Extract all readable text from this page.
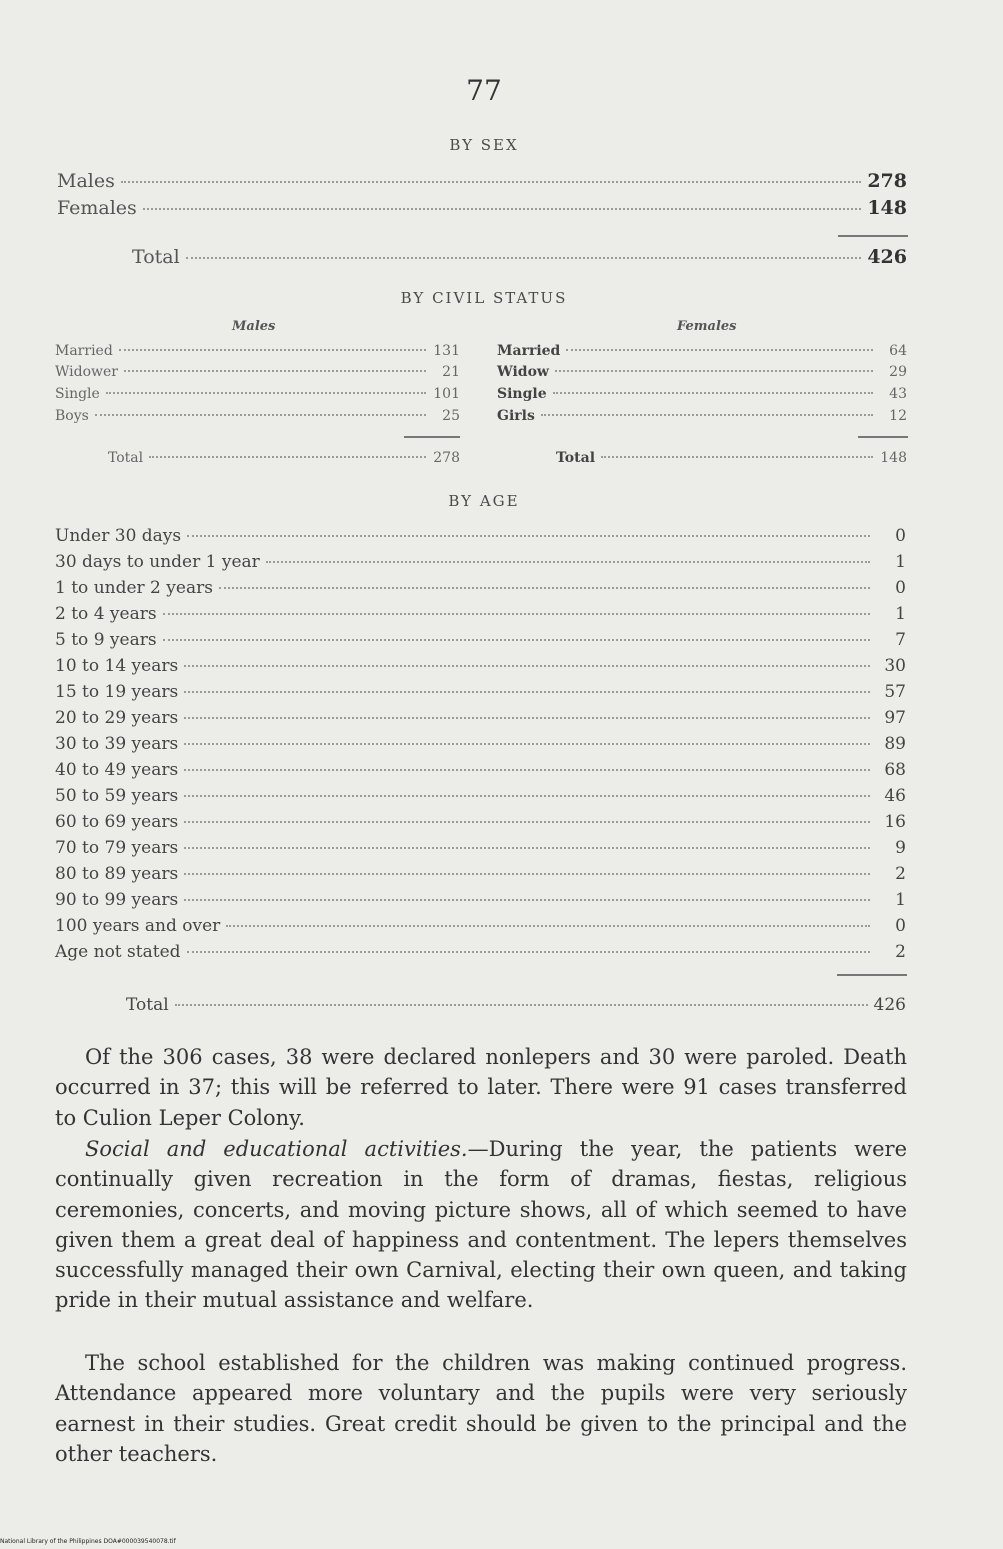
77
BY SEX
Males	278
Females	148
Total	426
BY CIVIL STATUS
Males	Females
Married	131
Widower	21
Single	101
Boys	25
Total	278
Married	64
Widow	29
Single	43
Girls	12
Total	148
BY AGE
Under 30 days	0
30 days to under 1 year	1
1 to under 2 years	0
2 to 4 years	1
5 to 9 years	7
10 to 14 years	30
15 to 19 years	57
20 to 29 years	97
30 to 39 years	89
40 to 49 years	68
50 to 59 years	46
60 to 69 years	16
70 to 79 years	9
80 to 89 years	2
90 to 99 years	1
100 years and over	0
Age not stated	2
Total	426
Of the 306 cases, 38 were declared nonlepers and 30 were paroled. Death occurred in 37; this will be referred to later. There were 91 cases transferred to Culion Leper Colony.
Social and educational activities.—During the year, the patients were continually given recreation in the form of dramas, fiestas, religious ceremonies, concerts, and moving picture shows, all of which seemed to have given them a great deal of happiness and contentment. The lepers themselves successfully managed their own Carnival, electing their own queen, and taking pride in their mutual assistance and welfare.
The school established for the children was making continued progress. Attendance appeared more voluntary and the pupils were very seriously earnest in their studies. Great credit should be given to the principal and the other teachers.
National Library of the Philippines DOA#000039540078.tif
